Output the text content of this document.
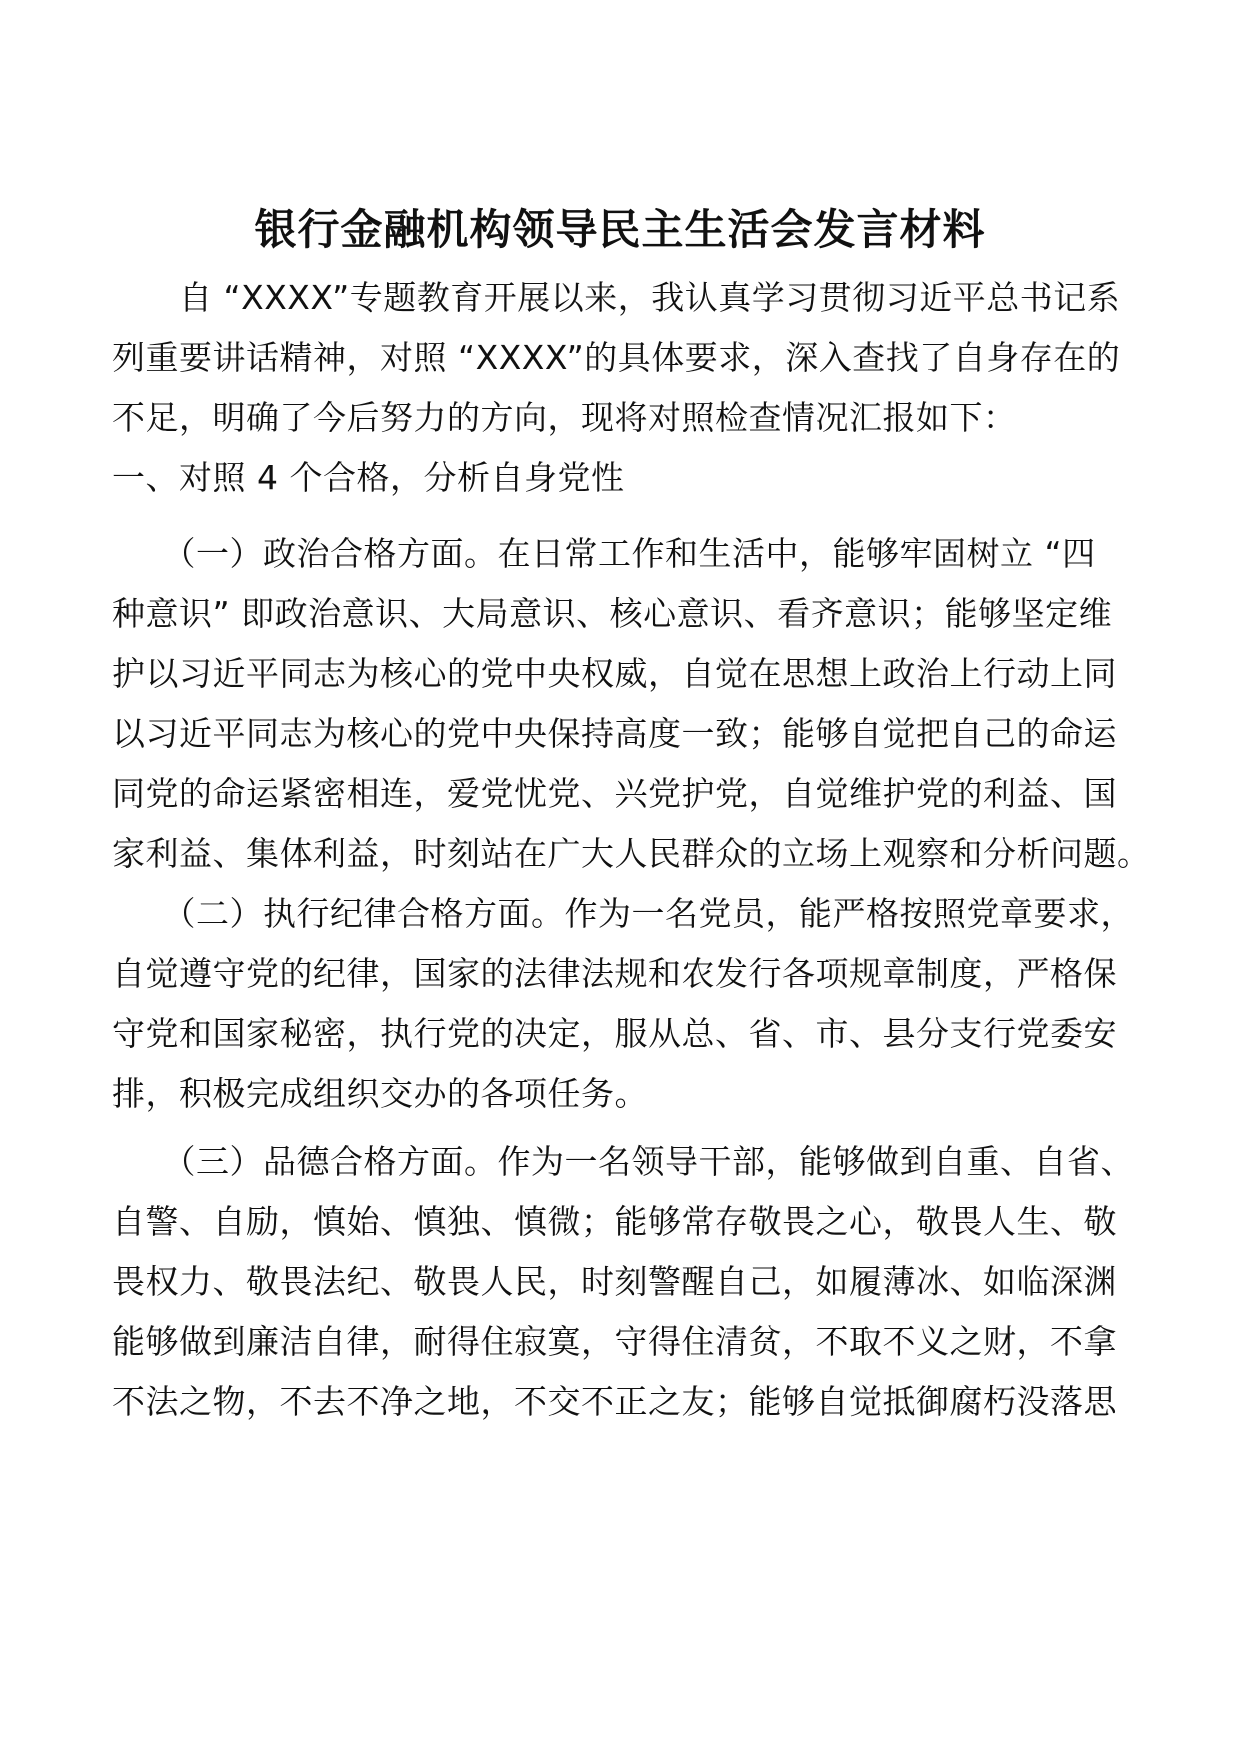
银行金融机构领导民主生活会发言材料
　　自 “XXXX”专题教育开展以来，我认真学习贯彻习近平总书记系
列重要讲话精神，对照 “XXXX”的具体要求，深入查找了自身存在的
不足，明确了今后努力的方向，现将对照检查情况汇报如下：
一、对照 4 个合格，分析自身党性
　　（一）政治合格方面。在日常工作和生活中，能够牢固树立 “四
种意识” 即政治意识、大局意识、核心意识、看齐意识；能够坚定维
护以习近平同志为核心的党中央权威，自觉在思想上政治上行动上同
以习近平同志为核心的党中央保持高度一致；能够自觉把自己的命运
同党的命运紧密相连，爱党忧党、兴党护党，自觉维护党的利益、国
家利益、集体利益，时刻站在广大人民群众的立场上观察和分析问题。
　　（二）执行纪律合格方面。作为一名党员，能严格按照党章要求，
自觉遵守党的纪律，国家的法律法规和农发行各项规章制度，严格保
守党和国家秘密，执行党的决定，服从总、省、市、县分支行党委安
排，积极完成组织交办的各项任务。
　　（三）品德合格方面。作为一名领导干部，能够做到自重、自省、
自警、自励，慎始、慎独、慎微；能够常存敬畏之心，敬畏人生、敬
畏权力、敬畏法纪、敬畏人民，时刻警醒自己，如履薄冰、如临深渊
能够做到廉洁自律，耐得住寂寞，守得住清贫，不取不义之财，不拿
不法之物，不去不净之地，不交不正之友；能够自觉抵御腐朽没落思
